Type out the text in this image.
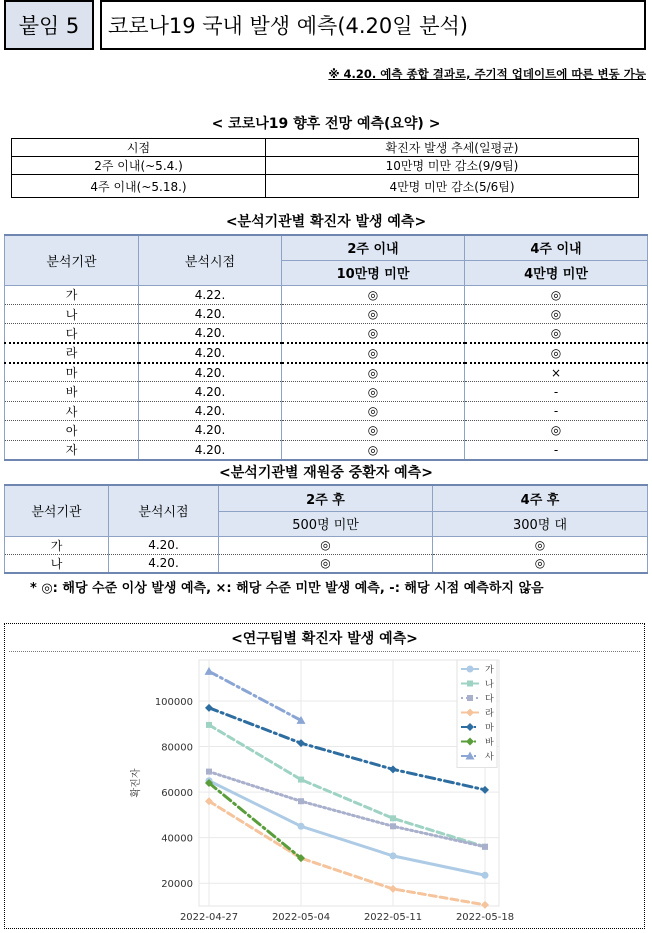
붙임 5	코로나19 국내 발생 예측(4.20일 분석)
※ 4.20. 예측 종합 결과로, 주기적 업데이트에 따른 변동 가능
< 코로나19 향후 전망 예측(요약) >
시점	확진자 발생 추세(일평균)
2주 이내(~5.4.)	10만명 미만 감소(9/9팀)
4주 이내(~5.18.)	4만명 미만 감소(5/6팀)
<분석기관별 확진자 발생 예측>
분석기관	분석시점	2주 이내	4주 이내
		10만명 미만	4만명 미만
가	4.22.	◎	◎
나	4.20.	◎	◎
다	4.20.	◎	◎
라	4.20.	◎	◎
마	4.20.	◎	×
바	4.20.	◎	-
사	4.20.	◎	-
아	4.20.	◎	◎
자	4.20.	◎	-
<분석기관별 재원중 중환자 예측>
분석기관	분석시점	2주 후	4주 후
		500명 미만	300명 대
가	4.20.	◎	◎
나	4.20.	◎	◎
* ◎: 해당 수준 이상 발생 예측, ×: 해당 수준 미만 발생 예측, -: 해당 시점 예측하지 않음
<연구팀별 확진자 발생 예측>
20000
40000
60000
80000
100000
2022-04-27	2022-05-04	2022-05-11	2022-05-18
확진자
가
나
다
라
마
바
사
